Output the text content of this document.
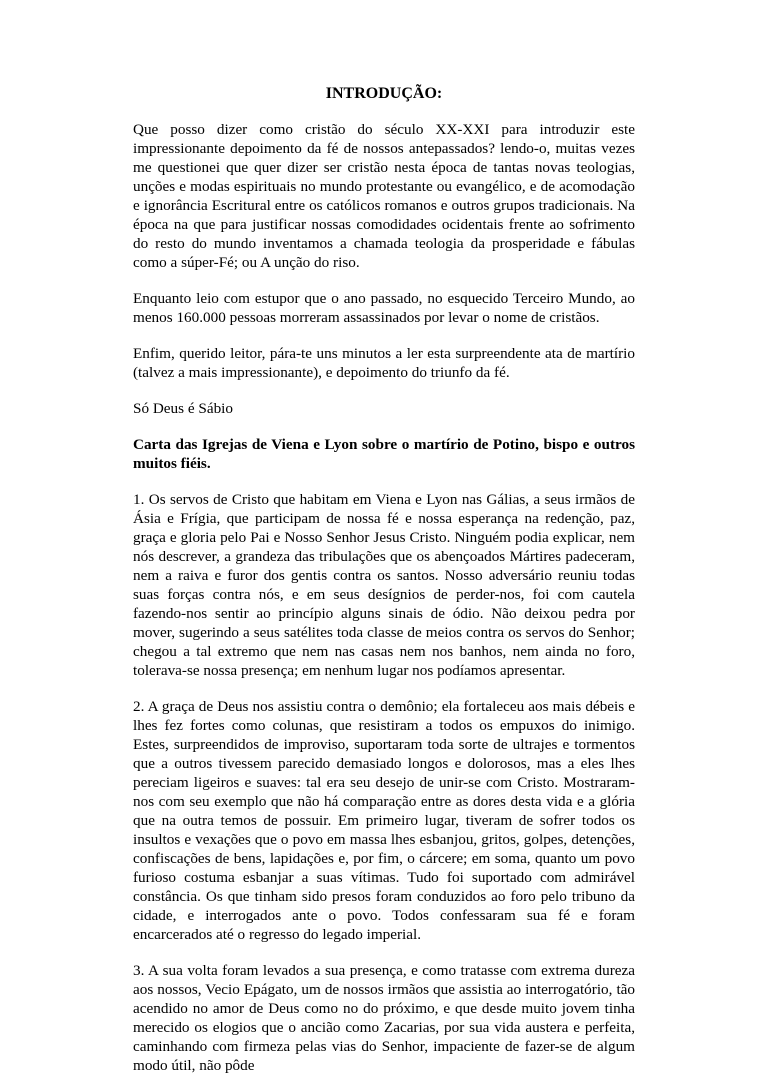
INTRODUÇÃO:

Que posso dizer como cristão do século XX-XXI para introduzir este impressionante depoimento da fé de nossos antepassados? lendo-o, muitas vezes me questionei que quer dizer ser cristão nesta época de tantas novas teologias, unções e modas espirituais no mundo protestante ou evangélico, e de acomodação e ignorância Escritural entre os católicos romanos e outros grupos tradicionais. Na época na que para justificar nossas comodidades ocidentais frente ao sofrimento do resto do mundo inventamos a chamada teologia da prosperidade e fábulas como a súper-Fé; ou A unção do riso.

Enquanto leio com estupor que o ano passado, no esquecido Terceiro Mundo, ao menos 160.000 pessoas morreram assassinados por levar o nome de cristãos.

Enfim, querido leitor, pára-te uns minutos a ler esta surpreendente ata de martírio (talvez a mais impressionante), e depoimento do triunfo da fé.

Só Deus é Sábio

Carta das Igrejas de Viena e Lyon sobre o martírio de Potino, bispo e outros muitos fiéis.

1. Os servos de Cristo que habitam em Viena e Lyon nas Gálias, a seus irmãos de Ásia e Frígia, que participam de nossa fé e nossa esperança na redenção, paz, graça e gloria pelo Pai e Nosso Senhor Jesus Cristo. Ninguém podia explicar, nem nós descrever, a grandeza das tribulações que os abençoados Mártires padeceram, nem a raiva e furor dos gentis contra os santos. Nosso adversário reuniu todas suas forças contra nós, e em seus desígnios de perder-nos, foi com cautela fazendo-nos sentir ao princípio alguns sinais de ódio. Não deixou pedra por mover, sugerindo a seus satélites toda classe de meios contra os servos do Senhor; chegou a tal extremo que nem nas casas nem nos banhos, nem ainda no foro, tolerava-se nossa presença; em nenhum lugar nos podíamos apresentar.

2. A graça de Deus nos assistiu contra o demônio; ela fortaleceu aos mais débeis e lhes fez fortes como colunas, que resistiram a todos os empuxos do inimigo. Estes, surpreendidos de improviso, suportaram toda sorte de ultrajes e tormentos que a outros tivessem parecido demasiado longos e dolorosos, mas a eles lhes pereciam ligeiros e suaves: tal era seu desejo de unir-se com Cristo. Mostraram-nos com seu exemplo que não há comparação entre as dores desta vida e a glória que na outra temos de possuir. Em primeiro lugar, tiveram de sofrer todos os insultos e vexações que o povo em massa lhes esbanjou, gritos, golpes, detenções, confiscações de bens, lapidações e, por fim, o cárcere; em soma, quanto um povo furioso costuma esbanjar a suas vítimas. Tudo foi suportado com admirável constância. Os que tinham sido presos foram conduzidos ao foro pelo tribuno da cidade, e interrogados ante o povo. Todos confessaram sua fé e foram encarcerados até o regresso do legado imperial.

3. A sua volta foram levados a sua presença, e como tratasse com extrema dureza aos nossos, Vecio Epágato, um de nossos irmãos que assistia ao interrogatório, tão acendido no amor de Deus como no do próximo, e que desde muito jovem tinha merecido os elogios que o ancião como Zacarias, por sua vida austera e perfeita, caminhando com firmeza pelas vias do Senhor, impaciente de fazer-se de algum modo útil, não pôde
